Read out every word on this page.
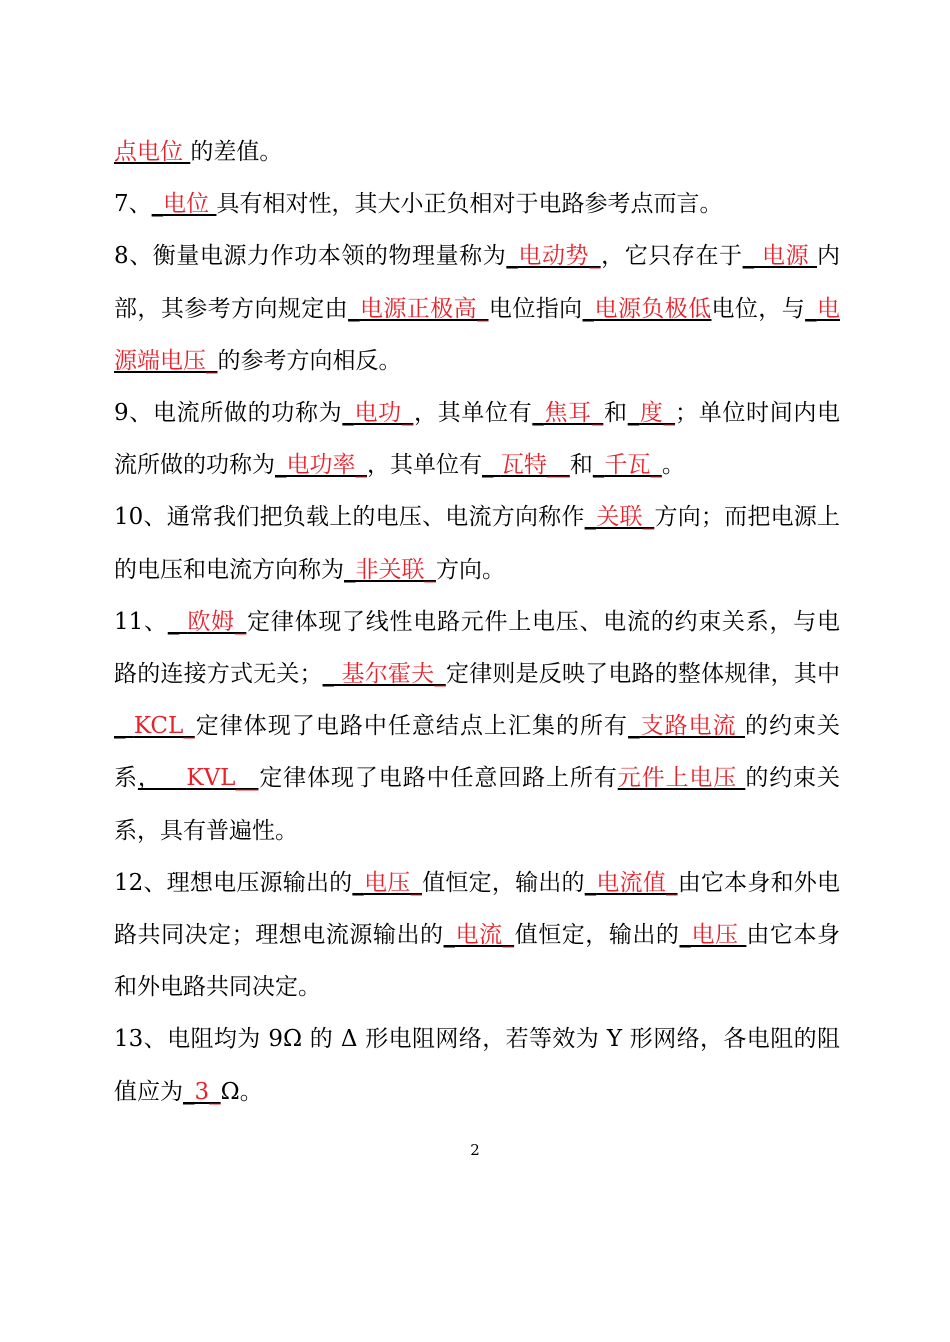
点电位 的差值。

7、_电位 具有相对性，其大小正负相对于电路参考点而言。

8、衡量电源力作功本领的物理量称为_电动势_，它只存在于_ 电源 内部，其参考方向规定由_电源正极高_电位指向_电源负极低电位，与_电源端电压_的参考方向相反。

9、电流所做的功称为_电功_，其单位有_焦耳_和_度_；单位时间内电流所做的功称为_电功率_，其单位有_ 瓦特__和_千瓦_。

10、通常我们把负载上的电压、电流方向称作_关联_方向；而把电源上的电压和电流方向称为_非关联_方向。

11、_ 欧姆_定律体现了线性电路元件上电压、电流的约束关系，与电路的连接方式无关；_ 基尔霍夫_定律则是反映了电路的整体规律，其中_ KCL_定律体现了电路中任意结点上汇集的所有_支路电流 的约束关系，   KVL__定律体现了电路中任意回路上所有元件上电压 的约束关系，具有普遍性。

12、理想电压源输出的_电压_值恒定，输出的_电流值_由它本身和外电路共同决定；理想电流源输出的_电流_值恒定，输出的_电压 由它本身和外电路共同决定。

13、电阻均为 9Ω 的 Δ 形电阻网络，若等效为 Y 形网络，各电阻的阻值应为_3_Ω。

2
